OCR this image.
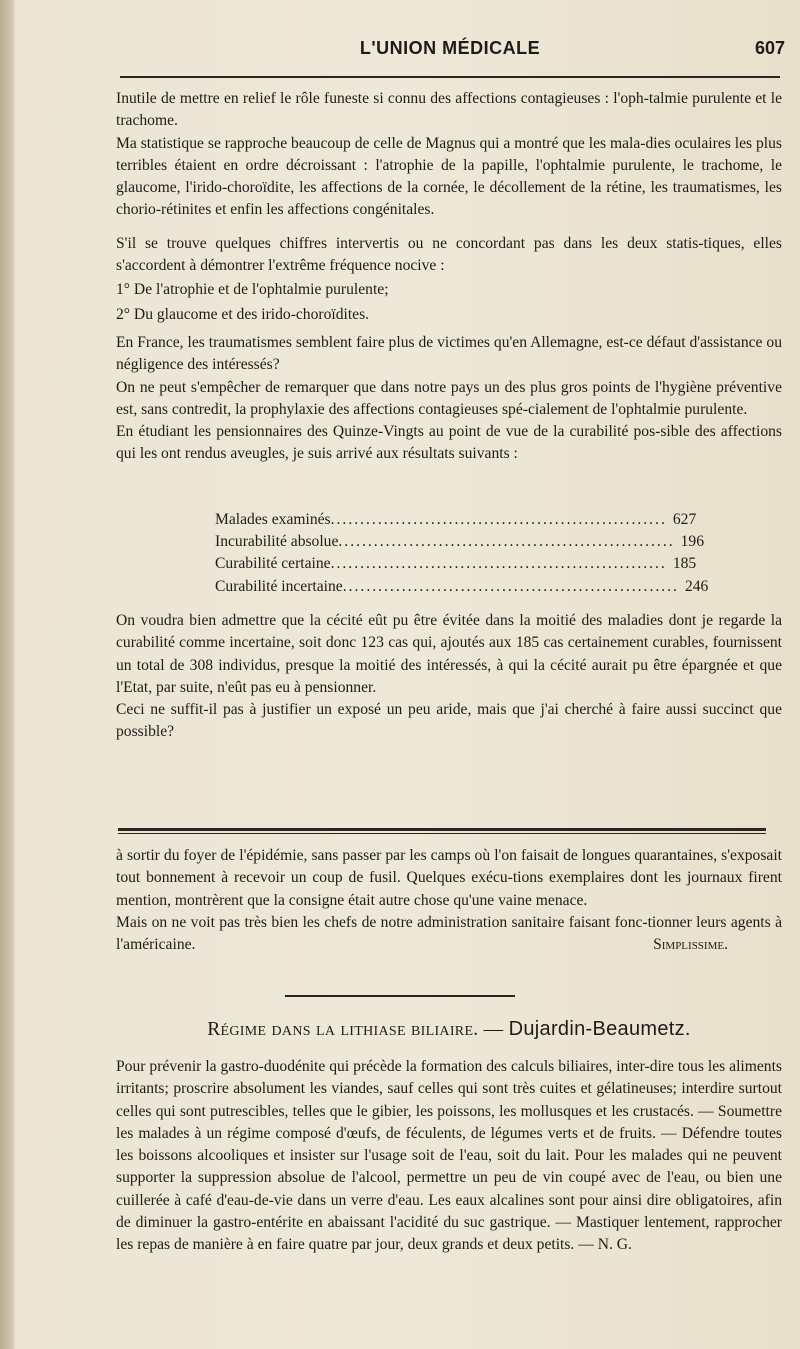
L'UNION MÉDICALE	607

Inutile de mettre en relief le rôle funeste si connu des affections contagieuses : l'oph-talmie purulente et le trachome.

Ma statistique se rapproche beaucoup de celle de Magnus qui a montré que les mala-dies oculaires les plus terribles étaient en ordre décroissant : l'atrophie de la papille, l'ophtalmie purulente, le trachome, le glaucome, l'irido-choroïdite, les affections de la cornée, le décollement de la rétine, les traumatismes, les chorio-rétinites et enfin les affections congénitales.

S'il se trouve quelques chiffres intervertis ou ne concordant pas dans les deux statis-tiques, elles s'accordent à démontrer l'extrême fréquence nocive :

1° De l'atrophie et de l'ophtalmie purulente;

2° Du glaucome et des irido-choroïdites.

En France, les traumatismes semblent faire plus de victimes qu'en Allemagne, est-ce défaut d'assistance ou négligence des intéressés?

On ne peut s'empêcher de remarquer que dans notre pays un des plus gros points de l'hygiène préventive est, sans contredit, la prophylaxie des affections contagieuses spé-cialement de l'ophtalmie purulente.

En étudiant les pensionnaires des Quinze-Vingts au point de vue de la curabilité pos-sible des affections qui les ont rendus aveugles, je suis arrivé aux résultats suivants :

Malades examinés ......................................................... 627
Incurabilité absolue ......................................................... 196
Curabilité certaine ......................................................... 185
Curabilité incertaine ......................................................... 246

On voudra bien admettre que la cécité eût pu être évitée dans la moitié des maladies dont je regarde la curabilité comme incertaine, soit donc 123 cas qui, ajoutés aux 185 cas certainement curables, fournissent un total de 308 individus, presque la moitié des intéressés, à qui la cécité aurait pu être épargnée et que l'Etat, par suite, n'eût pas eu à pensionner.

Ceci ne suffit-il pas à justifier un exposé un peu aride, mais que j'ai cherché à faire aussi succinct que possible?

à sortir du foyer de l'épidémie, sans passer par les camps où l'on faisait de longues quarantaines, s'exposait tout bonnement à recevoir un coup de fusil. Quelques exécu-tions exemplaires dont les journaux firent mention, montrèrent que la consigne était autre chose qu'une vaine menace.

Mais on ne voit pas très bien les chefs de notre administration sanitaire faisant fonc-tionner leurs agents à l'américaine.	Simplissime.

Régime dans la lithiase biliaire. — Dujardin-Beaumetz.

Pour prévenir la gastro-duodénite qui précède la formation des calculs biliaires, inter-dire tous les aliments irritants; proscrire absolument les viandes, sauf celles qui sont très cuites et gélatineuses; interdire surtout celles qui sont putrescibles, telles que le gibier, les poissons, les mollusques et les crustacés. — Soumettre les malades à un régime composé d'œufs, de féculents, de légumes verts et de fruits. — Défendre toutes les boissons alcooliques et insister sur l'usage soit de l'eau, soit du lait. Pour les malades qui ne peuvent supporter la suppression absolue de l'alcool, permettre un peu de vin coupé avec de l'eau, ou bien une cuillerée à café d'eau-de-vie dans un verre d'eau. Les eaux alcalines sont pour ainsi dire obligatoires, afin de diminuer la gastro-entérite en abaissant l'acidité du suc gastrique. — Mastiquer lentement, rapprocher les repas de manière à en faire quatre par jour, deux grands et deux petits. — N. G.
